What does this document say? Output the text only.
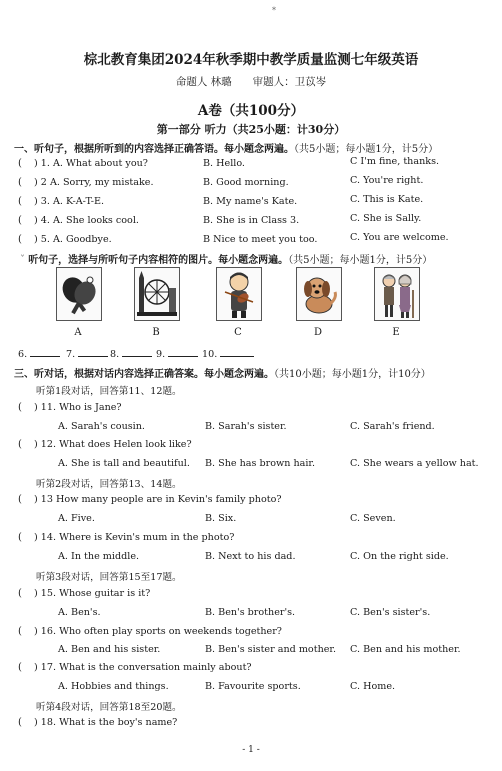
*
棕北教育集团2024年秋季期中教学质量监测七年级英语
命题人 林璐　　审题人：卫苡岑
A卷（共100分）
第一部分 听力（共25小题：计30分）
一、听句子，根据所听到的内容选择正确答语。每小题念两遍。（共5小题；每小题1分，计5分）
( ) 1. A. What about you?	B. Hello.	C I'm fine, thanks.
( ) 2 A. Sorry, my mistake.	B. Good morning.	C. You're right.
( ) 3. A. K-A-T-E.	B. My name's Kate.	C. This is Kate.
( ) 4. A. She looks cool.	B. She is in Class 3.	C. She is Sally.
( ) 5. A. Goodbye.	B Nice to meet you too.	C. You are welcome.
ˇ 听句子，选择与所听句子内容相符的图片。每小题念两遍。（共5小题；每小题1分，计5分）
A	B	C	D	E
6.	7.	8.	9.	10.
三、听对话，根据对话内容选择正确答案。每小题念两遍。（共10小题；每小题1分，计10分）
听第1段对话，回答第11、12题。
( ) 11. Who is Jane?
A. Sarah's cousin.	B. Sarah's sister.	C. Sarah's friend.
( ) 12. What does Helen look like?
A. She is tall and beautiful. B. She has brown hair.	C. She wears a yellow hat.
听第2段对话，回答第13、14题。
( ) 13 How many people are in Kevin's family photo?
A. Five.	B. Six.	C. Seven.
( ) 14. Where is Kevin's mum in the photo?
A. In the middle.	B. Next to his dad.	C. On the right side.
听第3段对话，回答第15至17题。
( ) 15. Whose guitar is it?
A. Ben's.	B. Ben's brother's.	C. Ben's sister's.
( ) 16. Who often play sports on weekends together?
A. Ben and his sister.	B. Ben's sister and mother. C. Ben and his mother.
( ) 17. What is the conversation mainly about?
A. Hobbies and things.	B. Favourite sports.	C. Home.
听第4段对话，回答第18至20题。
( ) 18. What is the boy's name?
- 1 -
